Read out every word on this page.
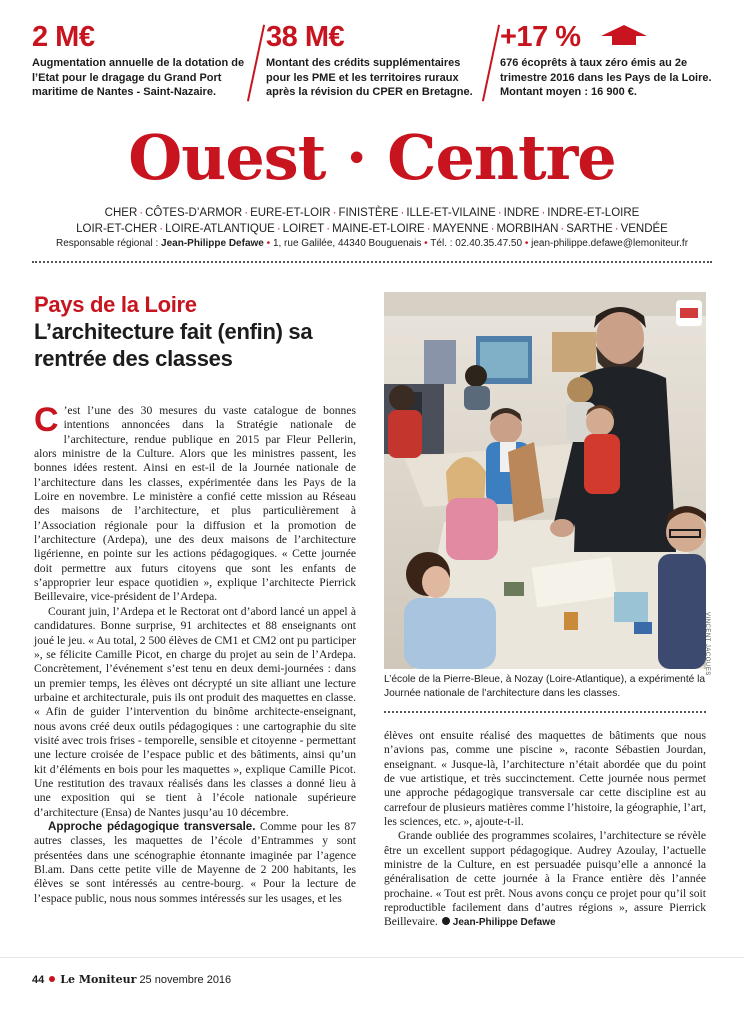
2 M€
Augmentation annuelle de la dotation de l’Etat pour le dragage du Grand Port maritime de Nantes - Saint-Nazaire.
38 M€
Montant des crédits supplémentaires pour les PME et les territoires ruraux après la révision du CPER en Bretagne.
+17 %
676 écoprêts à taux zéro émis au 2e trimestre 2016 dans les Pays de la Loire. Montant moyen : 16 900 €.
Ouest · Centre
CHER · CÔTES-D’ARMOR · EURE-ET-LOIR · FINISTÈRE · ILLE-ET-VILAINE · INDRE · INDRE-ET-LOIRE
LOIR-ET-CHER · LOIRE-ATLANTIQUE · LOIRET · MAINE-ET-LOIRE · MAYENNE · MORBIHAN · SARTHE · VENDÉE
Responsable régional : Jean-Philippe Defawe • 1, rue Galilée, 44340 Bouguenais • Tél. : 02.40.35.47.50 • jean-philippe.defawe@lemoniteur.fr
Pays de la Loire
L’architecture fait (enfin) sa rentrée des classes

C ’est l’une des 30 mesures du vaste catalogue de bonnes intentions annoncées dans la Stratégie nationale de l’architecture, rendue publique en 2015 par Fleur Pellerin, alors ministre de la Culture. Alors que les ministres passent, les bonnes idées restent. Ainsi en est-il de la Journée nationale de l’architecture dans les classes, expérimentée dans les Pays de la Loire en novembre. Le ministère a confié cette mission au Réseau des maisons de l’architecture, et plus particulièrement à l’Association régionale pour la diffusion et la promotion de l’architecture (Ardepa), une des deux maisons de l’architecture ligérienne, en pointe sur les actions pédagogiques. « Cette journée doit permettre aux futurs citoyens que sont les enfants de s’approprier leur espace quotidien », explique l’architecte Pierrick Beillevaire, vice-président de l’Ardepa.

Courant juin, l’Ardepa et le Rectorat ont d’abord lancé un appel à candidatures. Bonne surprise, 91 architectes et 88 enseignants ont joué le jeu. « Au total, 2 500 élèves de CM1 et CM2 ont pu participer », se félicite Camille Picot, en charge du projet au sein de l’Ardepa. Concrètement, l’événement s’est tenu en deux demi-journées : dans un premier temps, les élèves ont décrypté un site alliant une lecture urbaine et architecturale, puis ils ont produit des maquettes en classe. « Afin de guider l’intervention du binôme architecte-enseignant, nous avons créé deux outils pédagogiques : une cartographie du site visité avec trois frises - temporelle, sensible et citoyenne - permettant une lecture croisée de l’espace public et des bâtiments, ainsi qu’un kit d’éléments en bois pour les maquettes », explique Camille Picot. Une restitution des travaux réalisés dans les classes a donné lieu à une exposition qui se tient à l’école nationale supérieure d’architecture (Ensa) de Nantes jusqu’au 10 décembre.

Approche pédagogique transversale. Comme pour les 87 autres classes, les maquettes de l’école d’Entrammes y sont présentées dans une scénographie étonnante imaginée par l’agence Bl.am. Dans cette petite ville de Mayenne de 2 200 habitants, les élèves se sont intéressés au centre-bourg. « Pour la lecture de l’espace public, nous nous sommes intéressés sur les usages, et les

VINCENT JACQUES
L’école de la Pierre-Bleue, à Nozay (Loire-Atlantique), a expérimenté la Journée nationale de l’architecture dans les classes.

élèves ont ensuite réalisé des maquettes de bâtiments que nous n’avions pas, comme une piscine », raconte Sébastien Jourdan, enseignant. « Jusque-là, l’architecture n’était abordée que du point de vue artistique, et très succinctement. Cette journée nous permet une approche pédagogique transversale car cette discipline est au carrefour de plusieurs matières comme l’histoire, la géographie, l’art, les sciences, etc. », ajoute-t-il.

Grande oubliée des programmes scolaires, l’architecture se révèle être un excellent support pédagogique. Audrey Azoulay, l’actuelle ministre de la Culture, en est persuadée puisqu’elle a annoncé la généralisation de cette journée à la France entière dès l’année prochaine. « Tout est prêt. Nous avons conçu ce projet pour qu’il soit reproductible facilement dans d’autres régions », assure Pierrick Beillevaire. Jean-Philippe Defawe

44 Le Moniteur 25 novembre 2016
